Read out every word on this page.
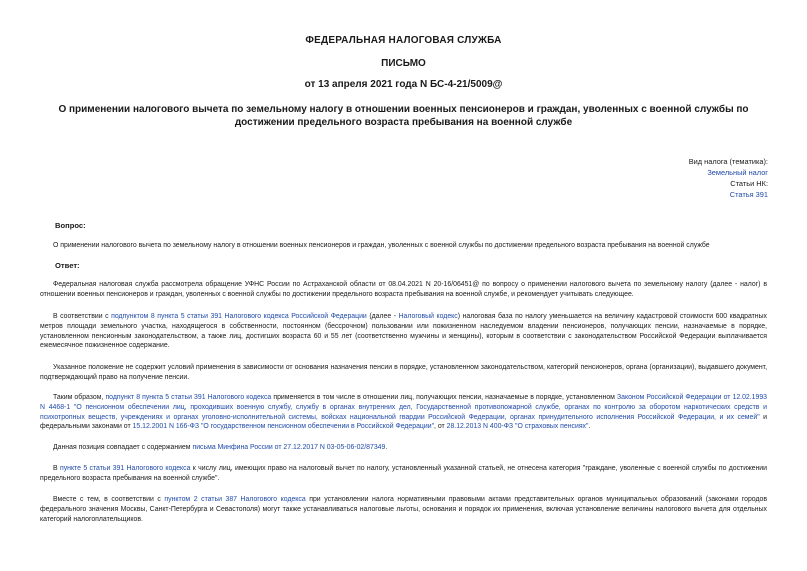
ФЕДЕРАЛЬНАЯ НАЛОГОВАЯ СЛУЖБА
ПИСЬМО
от 13 апреля 2021 года N БС-4-21/5009@
О применении налогового вычета по земельному налогу в отношении военных пенсионеров и граждан, уволенных с военной службы по достижении предельного возраста пребывания на военной службе
Вид налога (тематика):
Земельный налог
Статьи НК:
Статья 391
Вопрос:

О применении налогового вычета по земельному налогу в отношении военных пенсионеров и граждан, уволенных с военной службы по достижении предельного возраста пребывания на военной службе

Ответ:

Федеральная налоговая служба рассмотрела обращение УФНС России по Астраханской области от 08.04.2021 N 20-16/06451@ по вопросу о применении налогового вычета по земельному налогу (далее - налог) в отношении военных пенсионеров и граждан, уволенных с военной службы по достижении предельного возраста пребывания на военной службе, и рекомендует учитывать следующее.

В соответствии с подпунктом 8 пункта 5 статьи 391 Налогового кодекса Российской Федерации (далее - Налоговый кодекс) налоговая база по налогу уменьшается на величину кадастровой стоимости 600 квадратных метров площади земельного участка, находящегося в собственности, постоянном (бессрочном) пользовании или пожизненном наследуемом владении пенсионеров, получающих пенсии, назначаемые в порядке, установленном пенсионным законодательством, а также лиц, достигших возраста 60 и 55 лет (соответственно мужчины и женщины), которым в соответствии с законодательством Российской Федерации выплачивается ежемесячное пожизненное содержание.

Указанное положение не содержит условий применения в зависимости от основания назначения пенсии в порядке, установленном законодательством, категорий пенсионеров, органа (организации), выдавшего документ, подтверждающий право на получение пенсии.

Таким образом, подпункт 8 пункта 5 статьи 391 Налогового кодекса применяется в том числе в отношении лиц, получающих пенсии, назначаемые в порядке, установленном Законом Российской Федерации от 12.02.1993 N 4468-1 "О пенсионном обеспечении лиц, проходивших военную службу, службу в органах внутренних дел, Государственной противопожарной службе, органах по контролю за оборотом наркотических средств и психотропных веществ, учреждениях и органах уголовно-исполнительной системы, войсках национальной гвардии Российской Федерации, органах принудительного исполнения Российской Федерации, и их семей" и федеральными законами от 15.12.2001 N 166-ФЗ "О государственном пенсионном обеспечении в Российской Федерации", от 28.12.2013 N 400-ФЗ "О страховых пенсиях".

Данная позиция совпадает с содержанием письма Минфина России от 27.12.2017 N 03-05-06-02/87349.

В пункте 5 статьи 391 Налогового кодекса к числу лиц, имеющих право на налоговый вычет по налогу, установленный указанной статьей, не отнесена категория "граждане, уволенные с военной службы по достижении предельного возраста пребывания на военной службе".

Вместе с тем, в соответствии с пунктом 2 статьи 387 Налогового кодекса при установлении налога нормативными правовыми актами представительных органов муниципальных образований (законами городов федерального значения Москвы, Санкт-Петербурга и Севастополя) могут также устанавливаться налоговые льготы, основания и порядок их применения, включая установление величины налогового вычета для отдельных категорий налогоплательщиков.
